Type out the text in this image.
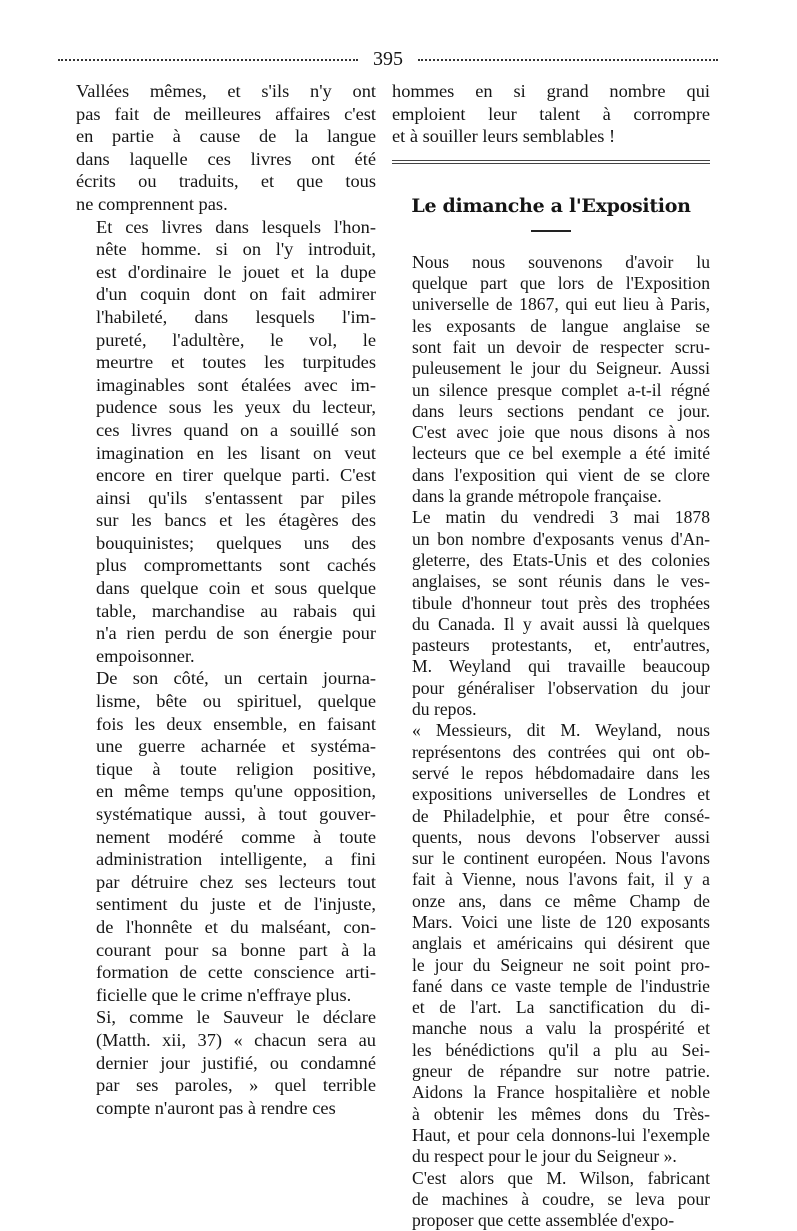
395

Vallées mêmes, et s'ils n'y ont
pas fait de meilleures affaires c'est
en partie à cause de la langue
dans laquelle ces livres ont été
écrits ou traduits, et que tous
ne comprennent pas.

Et ces livres dans lesquels l'hon-
nête homme. si on l'y introduit,
est d'ordinaire le jouet et la dupe
d'un coquin dont on fait admirer
l'habileté, dans lesquels l'im-
pureté, l'adultère, le vol, le
meurtre et toutes les turpitudes
imaginables sont étalées avec im-
pudence sous les yeux du lecteur,
ces livres quand on a souillé son
imagination en les lisant on veut
encore en tirer quelque parti. C'est
ainsi qu'ils s'entassent par piles
sur les bancs et les étagères des
bouquinistes; quelques uns des
plus compromettants sont cachés
dans quelque coin et sous quelque
table, marchandise au rabais qui
n'a rien perdu de son énergie pour
empoisonner.

De son côté, un certain journa-
lisme, bête ou spirituel, quelque
fois les deux ensemble, en faisant
une guerre acharnée et systéma-
tique à toute religion positive,
en même temps qu'une opposition,
systématique aussi, à tout gouver-
nement modéré comme à toute
administration intelligente, a fini
par détruire chez ses lecteurs tout
sentiment du juste et de l'injuste,
de l'honnête et du malséant, con-
courant pour sa bonne part à la
formation de cette conscience arti-
ficielle que le crime n'effraye plus.

Si, comme le Sauveur le déclare
(Matth. xii, 37) « chacun sera au
dernier jour justifié, ou condamné
par ses paroles, » quel terrible
compte n'auront pas à rendre ces

hommes en si grand nombre qui
emploient leur talent à corrompre
et à souiller leurs semblables !

Le dimanche a l'Exposition

Nous nous souvenons d'avoir lu
quelque part que lors de l'Exposition
universelle de 1867, qui eut lieu à Paris,
les exposants de langue anglaise se
sont fait un devoir de respecter scru-
puleusement le jour du Seigneur. Aussi
un silence presque complet a-t-il régné
dans leurs sections pendant ce jour.
C'est avec joie que nous disons à nos
lecteurs que ce bel exemple a été imité
dans l'exposition qui vient de se clore
dans la grande métropole française.

Le matin du vendredi 3 mai 1878
un bon nombre d'exposants venus d'An-
gleterre, des Etats-Unis et des colonies
anglaises, se sont réunis dans le ves-
tibule d'honneur tout près des trophées
du Canada. Il y avait aussi là quelques
pasteurs protestants, et, entr'autres,
M. Weyland qui travaille beaucoup
pour généraliser l'observation du jour
du repos.

« Messieurs, dit M. Weyland, nous
représentons des contrées qui ont ob-
servé le repos hébdomadaire dans les
expositions universelles de Londres et
de Philadelphie, et pour être consé-
quents, nous devons l'observer aussi
sur le continent européen. Nous l'avons
fait à Vienne, nous l'avons fait, il y a
onze ans, dans ce même Champ de
Mars. Voici une liste de 120 exposants
anglais et américains qui désirent que
le jour du Seigneur ne soit point pro-
fané dans ce vaste temple de l'industrie
et de l'art. La sanctification du di-
manche nous a valu la prospérité et
les bénédictions qu'il a plu au Sei-
gneur de répandre sur notre patrie.
Aidons la France hospitalière et noble
à obtenir les mêmes dons du Très-
Haut, et pour cela donnons-lui l'exemple
du respect pour le jour du Seigneur ».

C'est alors que M. Wilson, fabricant
de machines à coudre, se leva pour
proposer que cette assemblée d'expo-
